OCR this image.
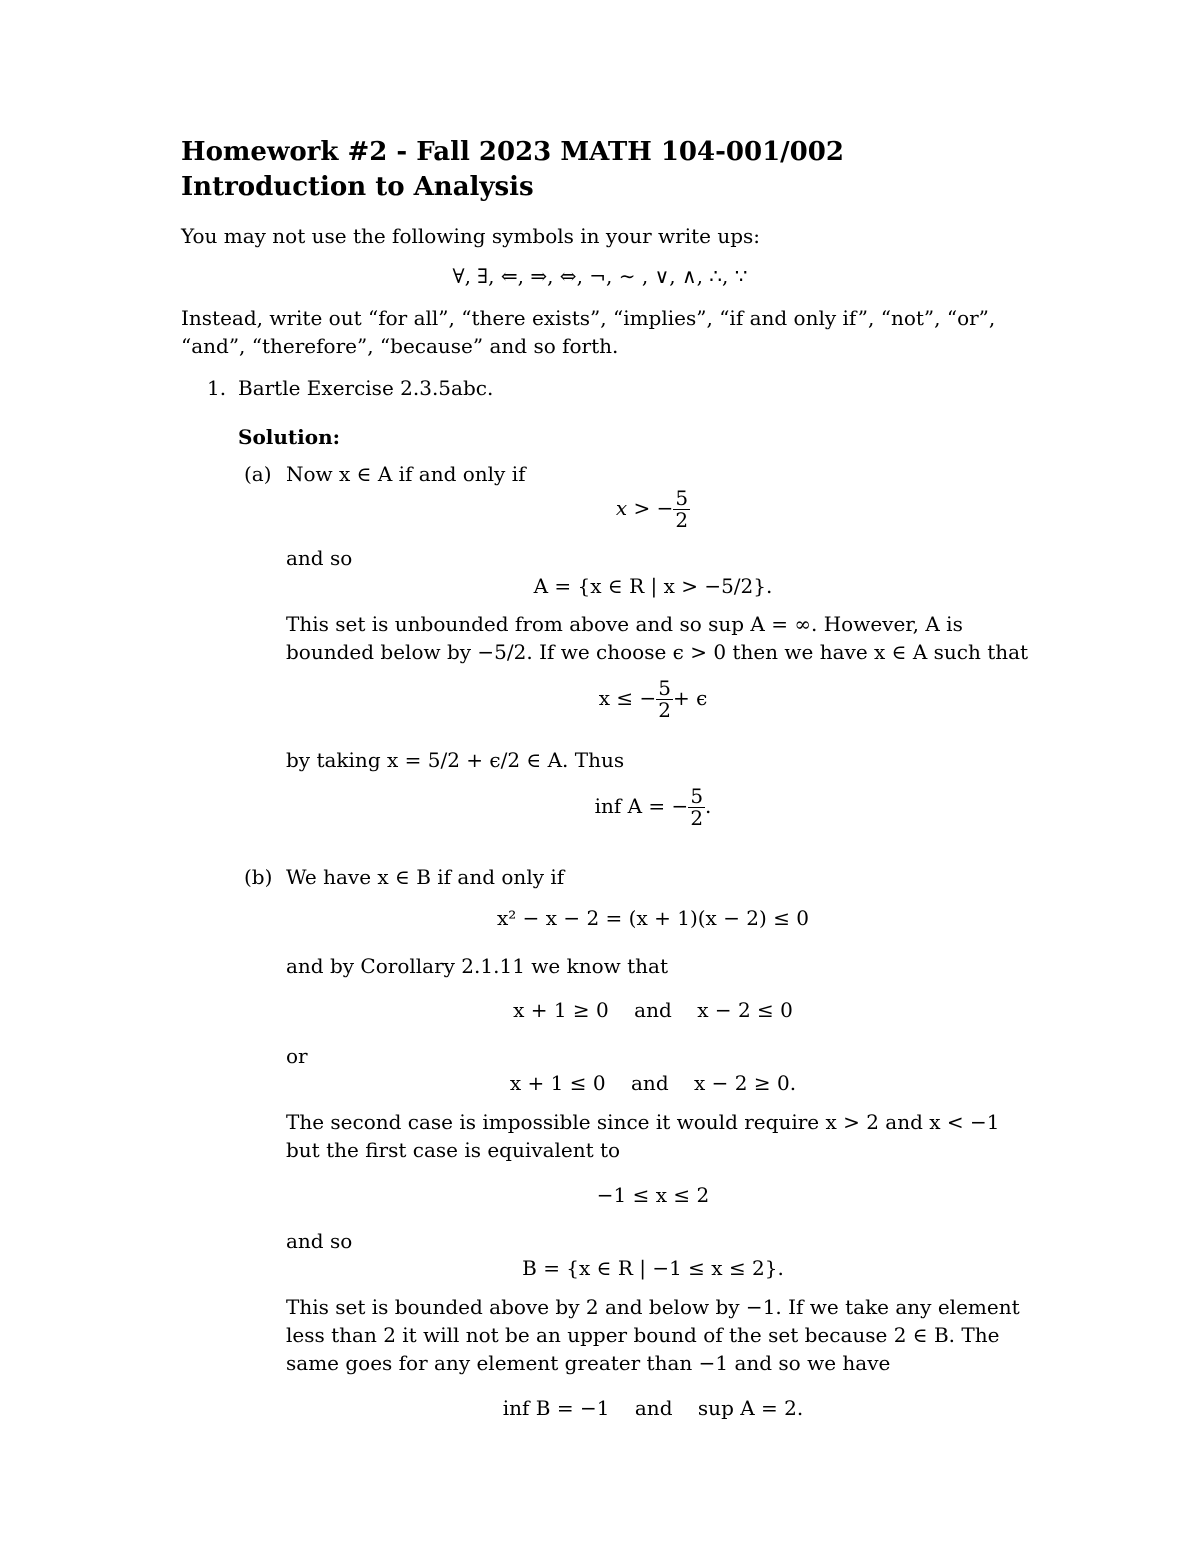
Homework #2 - Fall 2023 MATH 104-001/002
Introduction to Analysis
You may not use the following symbols in your write ups:
∀, ∃, ⇐, ⇒, ⇔, ¬, ∼ , ∨, ∧, ∴, ∵
Instead, write out “for all”, “there exists”, “implies”, “if and only if”, “not”, “or”,
“and”, “therefore”, “because” and so forth.
1. Bartle Exercise 2.3.5abc.
Solution:
(a) Now x ∈ A if and only if
x > − $\frac{5}{2}$
and so
A = {x ∈ R | x > −5/2}.
This set is unbounded from above and so sup A = ∞. However, A is
bounded below by −5/2. If we choose ϵ > 0 then we have x ∈ A such that
x ≤ − $\frac{5}{2} + \epsilon$
by taking x = 5/2 + ϵ/2 ∈ A. Thus
inf A = − $\frac{5}{2}$ .
(b) We have x ∈ B if and only if
x² − x − 2 = (x + 1)(x − 2) ≤ 0
and by Corollary 2.1.11 we know that
x + 1 ≥ 0    and    x − 2 ≤ 0
or
x + 1 ≤ 0    and    x − 2 ≥ 0.
The second case is impossible since it would require x > 2 and x < −1
but the first case is equivalent to
−1 ≤ x ≤ 2
and so
B = {x ∈ R | −1 ≤ x ≤ 2}.
This set is bounded above by 2 and below by −1. If we take any element
less than 2 it will not be an upper bound of the set because 2 ∈ B. The
same goes for any element greater than −1 and so we have
inf B = −1    and    sup A = 2.
